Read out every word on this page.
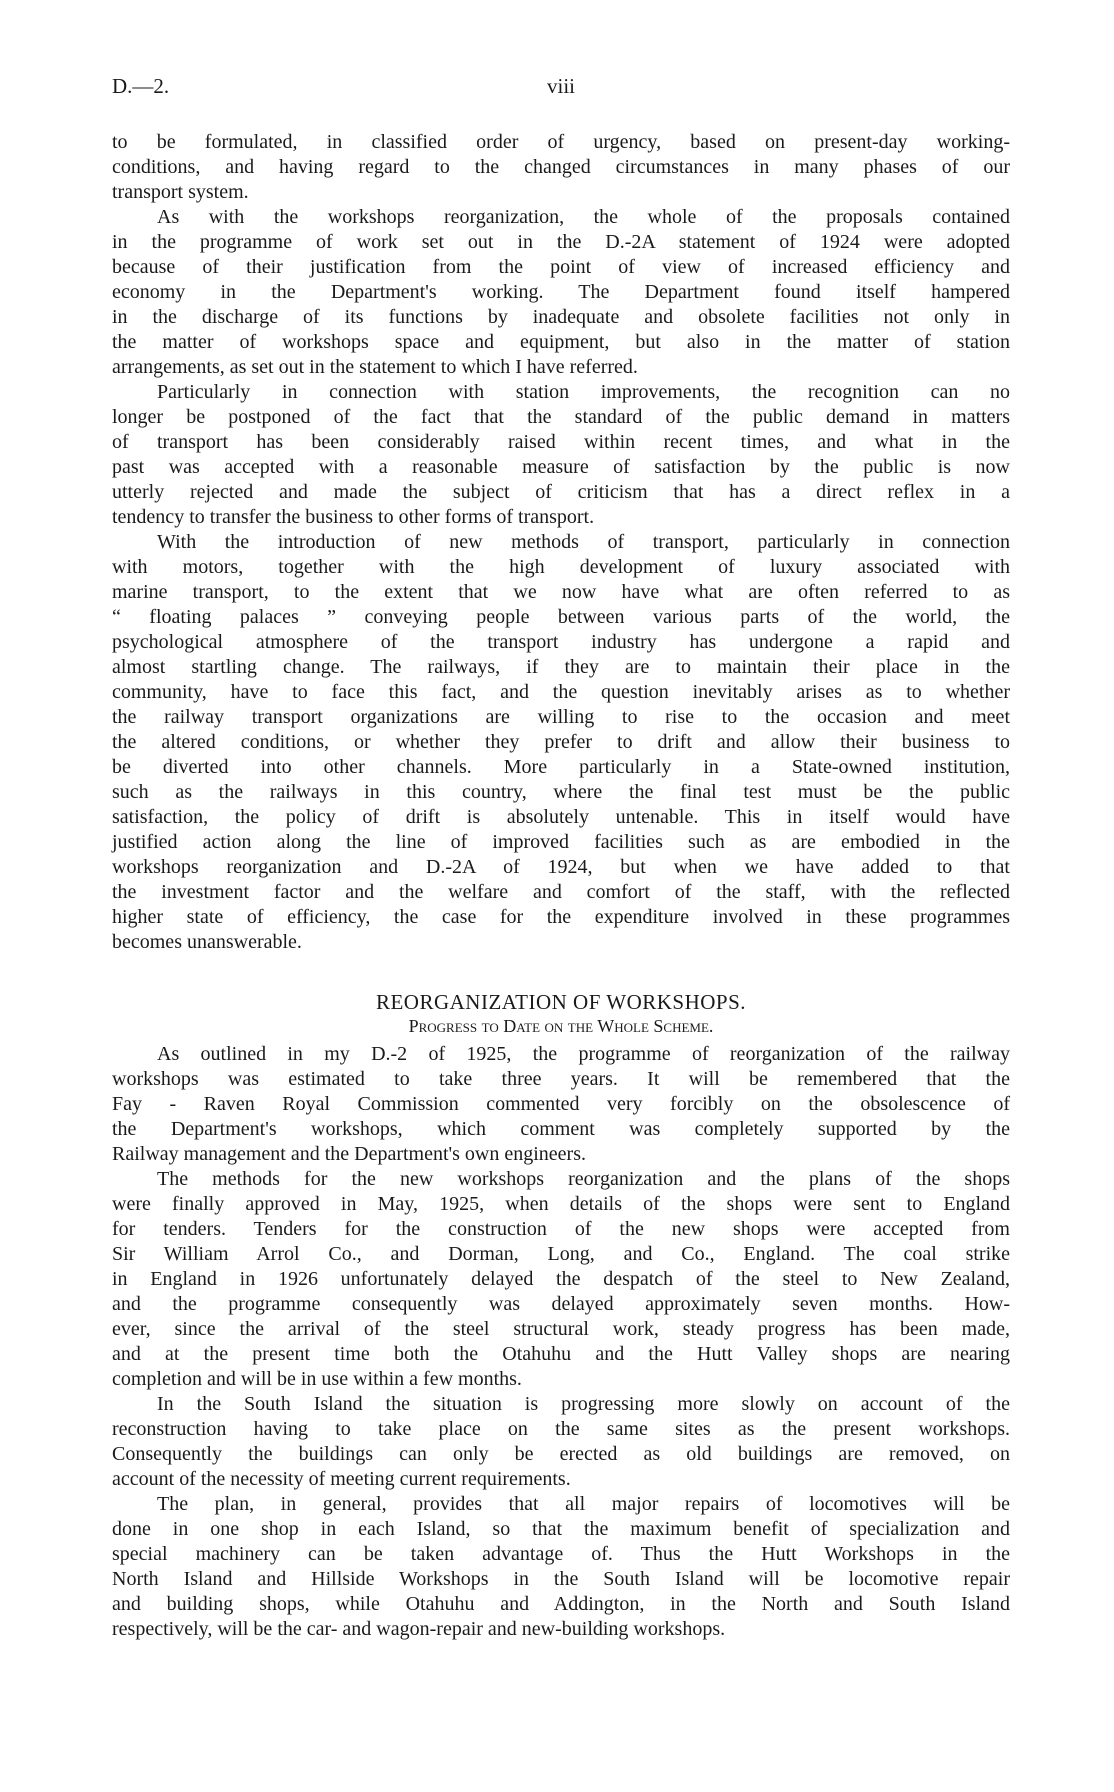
D.—2.	viii
to be formulated, in classified order of urgency, based on present-day working-
conditions, and having regard to the changed circumstances in many phases of our
transport system.
As with the workshops reorganization, the whole of the proposals contained
in the programme of work set out in the D.-2A statement of 1924 were adopted
because of their justification from the point of view of increased efficiency and
economy in the Department's working. The Department found itself hampered
in the discharge of its functions by inadequate and obsolete facilities not only in
the matter of workshops space and equipment, but also in the matter of station
arrangements, as set out in the statement to which I have referred.
Particularly in connection with station improvements, the recognition can no
longer be postponed of the fact that the standard of the public demand in matters
of transport has been considerably raised within recent times, and what in the
past was accepted with a reasonable measure of satisfaction by the public is now
utterly rejected and made the subject of criticism that has a direct reflex in a
tendency to transfer the business to other forms of transport.
With the introduction of new methods of transport, particularly in connection
with motors, together with the high development of luxury associated with
marine transport, to the extent that we now have what are often referred to as
“ floating palaces ” conveying people between various parts of the world, the
psychological atmosphere of the transport industry has undergone a rapid and
almost startling change. The railways, if they are to maintain their place in the
community, have to face this fact, and the question inevitably arises as to whether
the railway transport organizations are willing to rise to the occasion and meet
the altered conditions, or whether they prefer to drift and allow their business to
be diverted into other channels. More particularly in a State-owned institution,
such as the railways in this country, where the final test must be the public
satisfaction, the policy of drift is absolutely untenable. This in itself would have
justified action along the line of improved facilities such as are embodied in the
workshops reorganization and D.-2A of 1924, but when we have added to that
the investment factor and the welfare and comfort of the staff, with the reflected
higher state of efficiency, the case for the expenditure involved in these programmes
becomes unanswerable.
REORGANIZATION OF WORKSHOPS.
Progress to Date on the Whole Scheme.
As outlined in my D.-2 of 1925, the programme of reorganization of the railway
workshops was estimated to take three years. It will be remembered that the
Fay - Raven Royal Commission commented very forcibly on the obsolescence of
the Department's workshops, which comment was completely supported by the
Railway management and the Department's own engineers.
The methods for the new workshops reorganization and the plans of the shops
were finally approved in May, 1925, when details of the shops were sent to England
for tenders. Tenders for the construction of the new shops were accepted from
Sir William Arrol Co., and Dorman, Long, and Co., England. The coal strike
in England in 1926 unfortunately delayed the despatch of the steel to New Zealand,
and the programme consequently was delayed approximately seven months. How-
ever, since the arrival of the steel structural work, steady progress has been made,
and at the present time both the Otahuhu and the Hutt Valley shops are nearing
completion and will be in use within a few months.
In the South Island the situation is progressing more slowly on account of the
reconstruction having to take place on the same sites as the present workshops.
Consequently the buildings can only be erected as old buildings are removed, on
account of the necessity of meeting current requirements.
The plan, in general, provides that all major repairs of locomotives will be
done in one shop in each Island, so that the maximum benefit of specialization and
special machinery can be taken advantage of. Thus the Hutt Workshops in the
North Island and Hillside Workshops in the South Island will be locomotive repair
and building shops, while Otahuhu and Addington, in the North and South Island
respectively, will be the car- and wagon-repair and new-building workshops.
